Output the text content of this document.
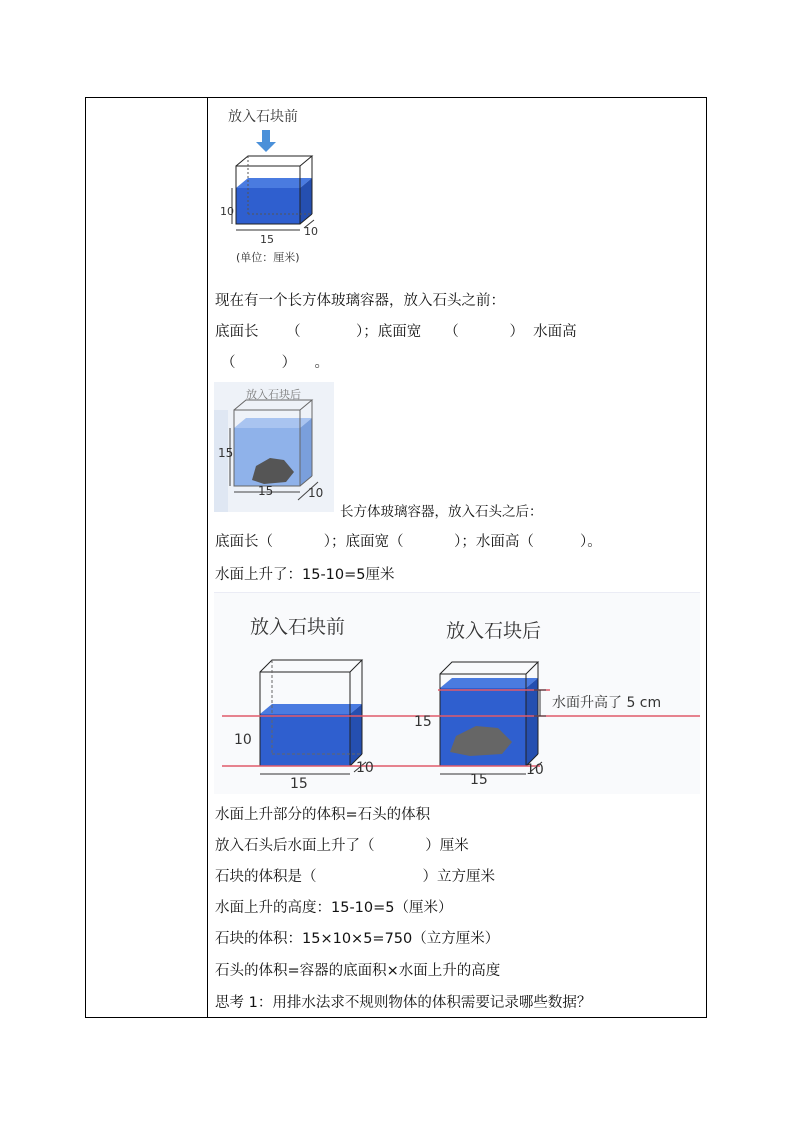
放入石块前
10
15
10
(单位：厘米)
现在有一个长方体玻璃容器，放入石头之前：
底面长      （            ）；底面宽     （           ）  水面高
（          ）    。
放入石块后
15
15	10
长方体玻璃容器，放入石头之后：
底面长（           ）；底面宽（           ）；水面高（          ）。
水面上升了：15-10=5厘米
放入石块前	放入石块后
10
15
10
15
15
10
水面升高了 5 cm
水面上升部分的体积=石头的体积
放入石头后水面上升了（           ）厘米
石块的体积是（                       ）立方厘米
水面上升的高度：15-10=5（厘米）
石块的体积：15×10×5=750（立方厘米）
石头的体积=容器的底面积×水面上升的高度
思考 1：用排水法求不规则物体的体积需要记录哪些数据？
